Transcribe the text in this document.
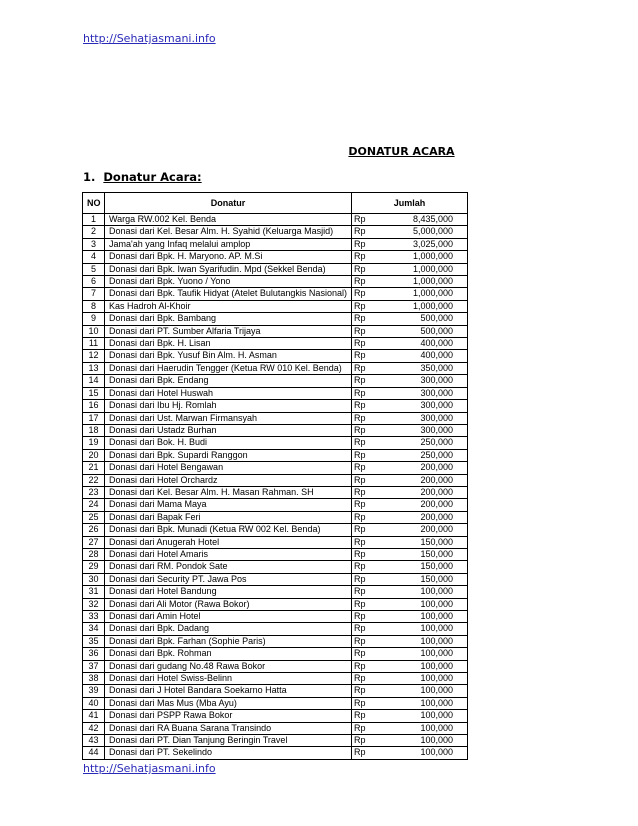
http://Sehatjasmani.info
DONATUR ACARA
1. Donatur Acara:
NO	Donatur	Jumlah	
1	Warga RW.002 Kel. Benda	Rp	8,435,000
2	Donasi dari Kel. Besar Alm. H. Syahid (Keluarga Masjid)	Rp	5,000,000
3	Jama'ah yang Infaq melalui amplop	Rp	3,025,000
4	Donasi dari Bpk. H. Maryono. AP. M.Si	Rp	1,000,000
5	Donasi dari Bpk. Iwan Syarifudin. Mpd (Sekkel Benda)	Rp	1,000,000
6	Donasi dari Bpk. Yuono / Yono	Rp	1,000,000
7	Donasi dari Bpk. Taufik Hidyat (Atelet Bulutangkis Nasional)	Rp	1,000,000
8	Kas Hadroh Al-Khoir	Rp	1,000,000
9	Donasi dari Bpk. Bambang	Rp	500,000
10	Donasi dari PT. Sumber Alfaria Trijaya	Rp	500,000
11	Donasi dari Bpk. H. Lisan	Rp	400,000
12	Donasi dari Bpk. Yusuf Bin Alm. H. Asman	Rp	400,000
13	Donasi dari Haerudin Tengger (Ketua RW 010 Kel. Benda)	Rp	350,000
14	Donasi dari Bpk. Endang	Rp	300,000
15	Donasi dari Hotel Huswah	Rp	300,000
16	Donasi dari Ibu Hj. Romlah	Rp	300,000
17	Donasi dari Ust. Marwan Firmansyah	Rp	300,000
18	Donasi dari Ustadz Burhan	Rp	300,000
19	Donasi dari Bok. H. Budi	Rp	250,000
20	Donasi dari Bpk. Supardi Ranggon	Rp	250,000
21	Donasi dari Hotel Bengawan	Rp	200,000
22	Donasi dari Hotel Orchardz	Rp	200,000
23	Donasi dari Kel. Besar Alm. H. Masan Rahman. SH	Rp	200,000
24	Donasi dari Mama Maya	Rp	200,000
25	Donasi dari Bapak Feri	Rp	200,000
26	Donasi dari Bpk. Munadi (Ketua RW 002 Kel. Benda)	Rp	200,000
27	Donasi dari Anugerah Hotel	Rp	150,000
28	Donasi dari Hotel Amaris	Rp	150,000
29	Donasi dari RM. Pondok Sate	Rp	150,000
30	Donasi dari Security PT. Jawa Pos	Rp	150,000
31	Donasi dari Hotel Bandung	Rp	100,000
32	Donasi dari Ali Motor (Rawa Bokor)	Rp	100,000
33	Donasi dari Amin Hotel	Rp	100,000
34	Donasi dari Bpk. Dadang	Rp	100,000
35	Donasi dari Bpk. Farhan (Sophie Paris)	Rp	100,000
36	Donasi dari Bpk. Rohman	Rp	100,000
37	Donasi dari gudang No.48 Rawa Bokor	Rp	100,000
38	Donasi dari Hotel Swiss-Belinn	Rp	100,000
39	Donasi dari J Hotel Bandara Soekarno Hatta	Rp	100,000
40	Donasi dari Mas Mus (Mba Ayu)	Rp	100,000
41	Donasi dari PSPP Rawa Bokor	Rp	100,000
42	Donasi dari RA Buana Sarana Transindo	Rp	100,000
43	Donasi dari PT. Dian Tanjung Beringin Travel	Rp	100,000
44	Donasi dari PT. Sekelindo	Rp	100,000
http://Sehatjasmani.info
